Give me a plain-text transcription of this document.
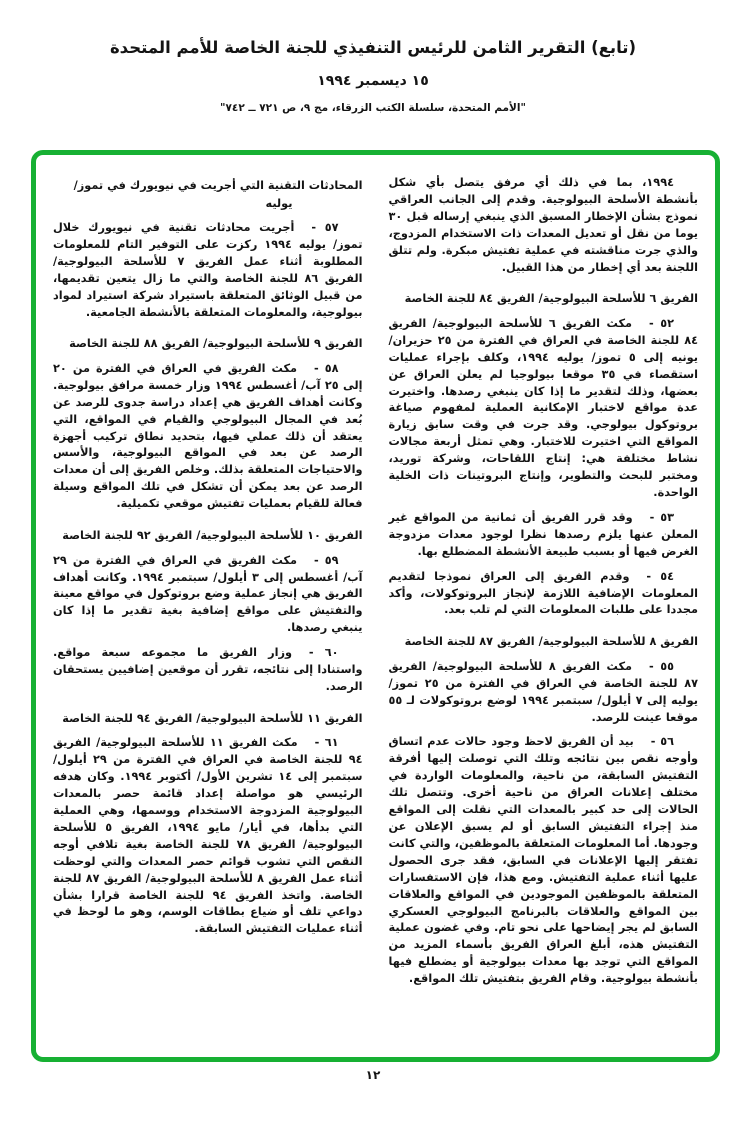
(تابع) التقرير الثامن للرئيس التنفيذي للجنة الخاصة للأمم المتحدة
١٥ ديسمبر ١٩٩٤
"الأمم المتحدة، سلسلة الكتب الزرقاء، مج ٩، ص ٧٢١ ــ ٧٤٢"
١٩٩٤، بما في ذلك أي مرفق يتصل بأي شكل بأنشطة الأسلحة البيولوجية. وقدم إلى الجانب العراقي نموذج بشأن الإخطار المسبق الذي ينبغي إرساله قبل ٣٠ يوما من نقل أو تعديل المعدات ذات الاستخدام المزدوج، والذي جرت مناقشته في عملية تفتيش مبكرة. ولم تتلق اللجنة بعد أي إخطار من هذا القبيل.
الفريق ٦ للأسلحة البيولوجية/ الفريق ٨٤ للجنة الخاصة
٥٢ -  مكث الفريق ٦ للأسلحة البيولوجية/ الفريق ٨٤ للجنة الخاصة في العراق في الفترة من ٢٥ حزيران/ يونيه إلى ٥ تموز/ يوليه ١٩٩٤، وكلف بإجراء عمليات استقصاء في ٣٥ موقعا بيولوجيا لم يعلن العراق عن بعضها، وذلك لتقدير ما إذا كان ينبغي رصدها. واختيرت عدة مواقع لاختبار الإمكانية العملية لمفهوم صياغة بروتوكول بيولوجي. وقد جرت في وقت سابق زيارة المواقع التي اختيرت للاختبار. وهي تمثل أربعة مجالات نشاط مختلفة هي: إنتاج اللقاحات، وشركة توريد، ومختبر للبحث والتطوير، وإنتاج البروتينات ذات الخلية الواحدة.
٥٣ -  وقد قرر الفريق أن ثمانية من المواقع غير المعلن عنها يلزم رصدها نظرا لوجود معدات مزدوجة الغرض فيها أو بسبب طبيعة الأنشطة المضطلع بها.
٥٤ -  وقدم الفريق إلى العراق نموذجا لتقديم المعلومات الإضافية اللازمة لإنجاز البروتوكولات، وأكد مجددا على طلبات المعلومات التي لم تلب بعد.
الفريق ٨ للأسلحة البيولوجية/ الفريق ٨٧ للجنة الخاصة
٥٥ -  مكث الفريق ٨ للأسلحة البيولوجية/ الفريق ٨٧ للجنة الخاصة في العراق في الفترة من ٢٥ تموز/ يوليه إلى ٧ أيلول/ سبتمبر ١٩٩٤ لوضع بروتوكولات لـ ٥٥ موقعا عينت للرصد.
٥٦ -  بيد أن الفريق لاحظ وجود حالات عدم اتساق وأوجه نقص بين نتائجه وتلك التي توصلت إليها أفرقة التفتيش السابقة، من ناحية، والمعلومات الواردة في مختلف إعلانات العراق من ناحية أخرى. وتتصل تلك الحالات إلى حد كبير بالمعدات التي نقلت إلى المواقع منذ إجراء التفتيش السابق أو لم يسبق الإعلان عن وجودها. أما المعلومات المتعلقة بالموظفين، والتي كانت تفتقر إليها الإعلانات في السابق، فقد جرى الحصول عليها أثناء عملية التفتيش. ومع هذا، فإن الاستفسارات المتعلقة بالموظفين الموجودين في المواقع والعلاقات بين المواقع والعلاقات بالبرنامج البيولوجي العسكري السابق لم يجر إيضاحها على نحو تام. وفي غضون عملية التفتيش هذه، أبلغ العراق الفريق بأسماء المزيد من المواقع التي توجد بها معدات بيولوجية أو يضطلع فيها بأنشطة بيولوجية. وقام الفريق بتفتيش تلك المواقع.
المحادثات التقنية التي أجريت في نيويورك في تموز/ يوليه
٥٧ -  أجريت محادثات تقنية في نيويورك خلال تموز/ يوليه ١٩٩٤ ركزت على التوفير التام للمعلومات المطلوبة أثناء عمل الفريق ٧ للأسلحة البيولوجية/ الفريق ٨٦ للجنة الخاصة والتي ما زال يتعين تقديمها، من قبيل الوثائق المتعلقة باستيراد شركة استيراد لمواد بيولوجية، والمعلومات المتعلقة بالأنشطة الجامعية.
الفريق ٩ للأسلحة البيولوجية/ الفريق ٨٨ للجنة الخاصة
٥٨ -  مكث الفريق في العراق في الفترة من ٢٠ إلى ٢٥ آب/ أغسطس ١٩٩٤ وزار خمسة مرافق بيولوجية. وكانت أهداف الفريق هي إعداد دراسة جدوى للرصد عن بُعد في المجال البيولوجي والقيام في المواقع، التي يعتقد أن ذلك عملي فيها، بتحديد نطاق تركيب أجهزة الرصد عن بعد في المواقع البيولوجية، والأسس والاحتياجات المتعلقة بذلك. وخلص الفريق إلى أن معدات الرصد عن بعد يمكن أن تشكل في تلك المواقع وسيلة فعالة للقيام بعمليات تفتيش موقعي تكميلية.
الفريق ١٠ للأسلحة البيولوجية/ الفريق ٩٢ للجنة الخاصة
٥٩ -  مكث الفريق في العراق في الفترة من ٢٩ آب/ أغسطس إلى ٣ أيلول/ سبتمبر ١٩٩٤. وكانت أهداف الفريق هي إنجاز عملية وضع بروتوكول في مواقع معينة والتفتيش على مواقع إضافية بغية تقدير ما إذا كان ينبغي رصدها.
٦٠ -  وزار الفريق ما مجموعه سبعة مواقع. واستنادا إلى نتائجه، تقرر أن موقعين إضافيين يستحقان الرصد.
الفريق ١١ للأسلحة البيولوجية/ الفريق ٩٤ للجنة الخاصة
٦١ -  مكث الفريق ١١ للأسلحة البيولوجية/ الفريق ٩٤ للجنة الخاصة في العراق في الفترة من ٢٩ أيلول/ سبتمبر إلى ١٤ تشرين الأول/ أكتوبر ١٩٩٤. وكان هدفه الرئيسي هو مواصلة إعداد قائمة حصر بالمعدات البيولوجية المزدوجة الاستخدام ووسمها، وهي العملية التي بدأها، في أيار/ مايو ١٩٩٤، الفريق ٥ للأسلحة البيولوجية/ الفريق ٧٨ للجنة الخاصة بغية تلافي أوجه النقص التي تشوب قوائم حصر المعدات والتي لوحظت أثناء عمل الفريق ٨ للأسلحة البيولوجية/ الفريق ٨٧ للجنة الخاصة. واتخذ الفريق ٩٤ للجنة الخاصة قرارا بشأن دواعي تلف أو ضياع بطاقات الوسم، وهو ما لوحظ في أثناء عمليات التفتيش السابقة.
١٢
